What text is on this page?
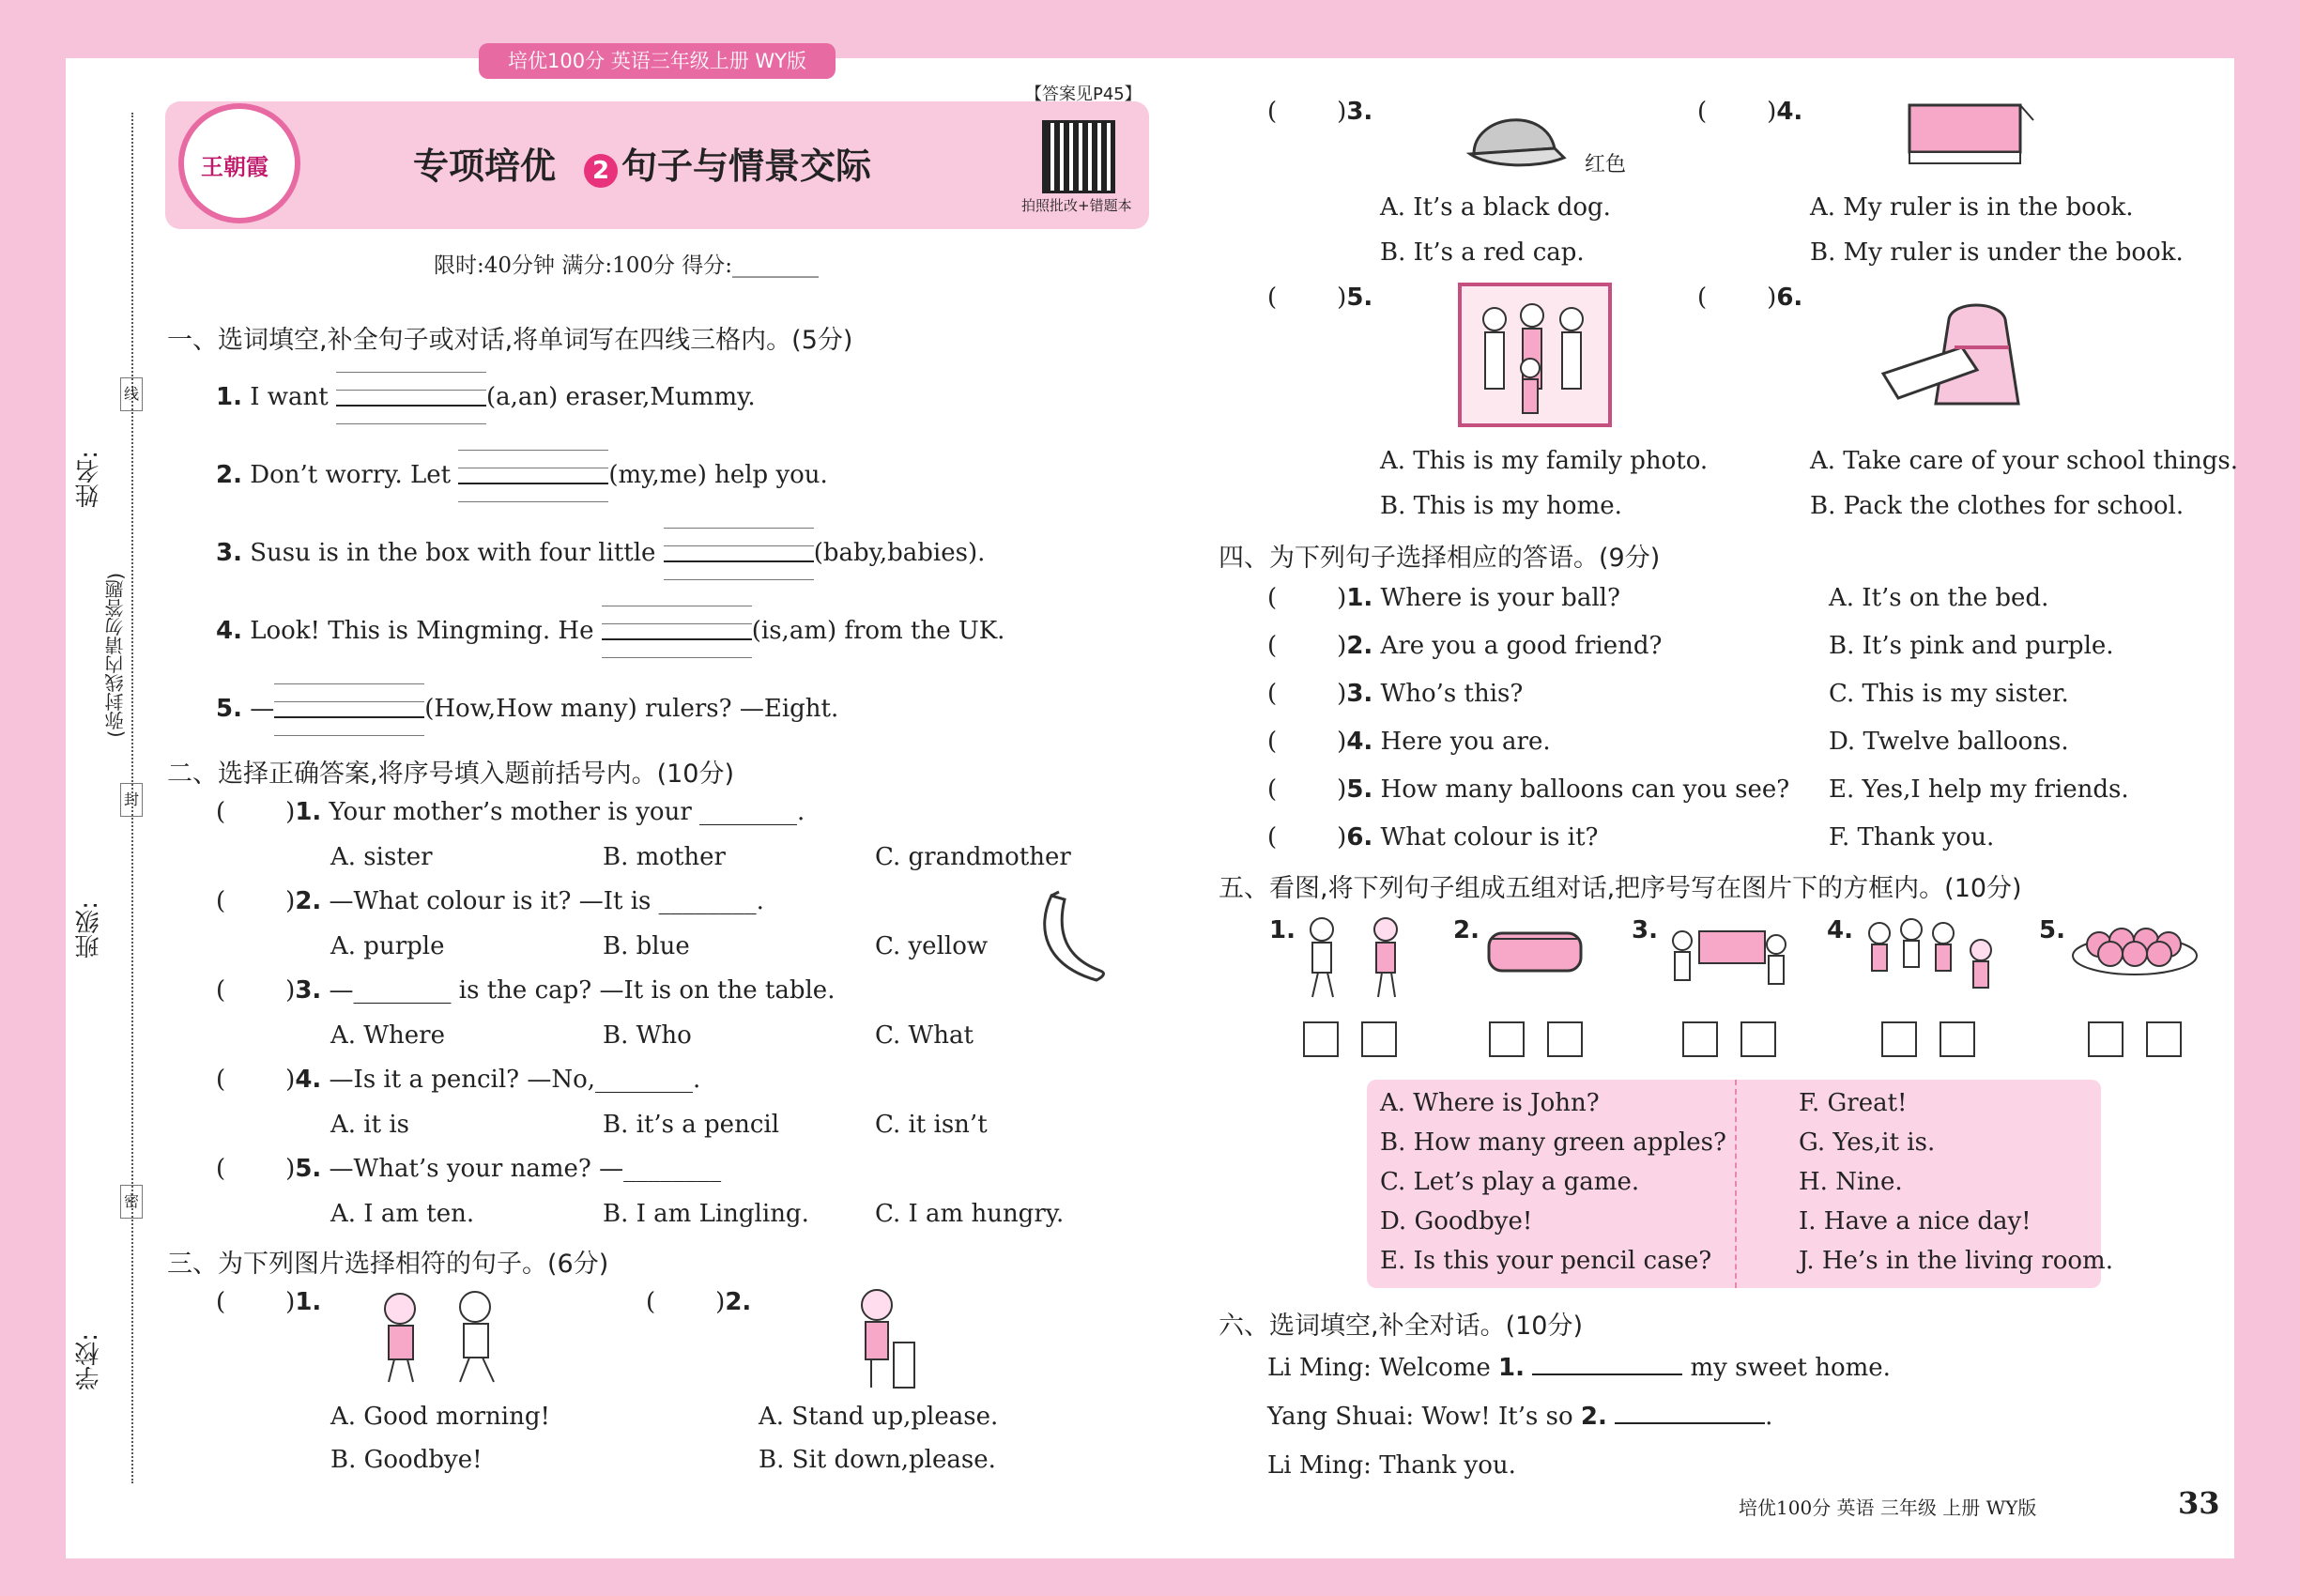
培优100分 英语三年级上册 WY版
王朝霞	专项培优 2 句子与情景交际
【答案见P45】
拍照批改+错题本
限时:40分钟 满分:100分 得分:________
姓名:
班级:
学校:
(弥封线内请勿答题)
线
封
密
一、选词填空,补全句子或对话,将单词写在四线三格内。(5分)
1. I want	(a,an) eraser,Mummy.
2. Don’t worry. Let	(my,me) help you.
3. Susu is in the box with four little	(baby,babies).
4. Look! This is Mingming. He	(is,am) from the UK.
5. —	(How,How many) rulers? —Eight.
二、选择正确答案,将序号填入题前括号内。(10分)
( )1. Your mother’s mother is your ________.
A. sister	B. mother	C. grandmother
( )2. —What colour is it? —It is ________.
A. purple	B. blue	C. yellow
( )3. —________ is the cap? —It is on the table.
A. Where	B. Who	C. What
( )4. —Is it a pencil? —No,________.
A. it is	B. it’s a pencil	C. it isn’t
( )5. —What’s your name? —________
A. I am ten.	B. I am Lingling.	C. I am hungry.
三、为下列图片选择相符的句子。(6分)
( )1.
A. Good morning!
B. Goodbye!
( )2.
A. Stand up,please.
B. Sit down,please.
( )3.
红色
A. It’s a black dog.
B. It’s a red cap.
( )4.
A. My ruler is in the book.
B. My ruler is under the book.
( )5.
A. This is my family photo.
B. This is my home.
( )6.
A. Take care of your school things.
B. Pack the clothes for school.
四、为下列句子选择相应的答语。(9分)
( )1. Where is your ball?
( )2. Are you a good friend?
( )3. Who’s this?
( )4. Here you are.
( )5. How many balloons can you see?
( )6. What colour is it?
A. It’s on the bed.
B. It’s pink and purple.
C. This is my sister.
D. Twelve balloons.
E. Yes,I help my friends.
F. Thank you.
五、看图,将下列句子组成五组对话,把序号写在图片下的方框内。(10分)
1.	2.	3.	4.	5.
A. Where is John?
B. How many green apples?
C. Let’s play a game.
D. Goodbye!
E. Is this your pencil case?
F. Great!
G. Yes,it is.
H. Nine.
I. Have a nice day!
J. He’s in the living room.
六、选词填空,补全对话。(10分)
Li Ming: Welcome 1.	my sweet home.
Yang Shuai: Wow! It’s so 2.	.
Li Ming: Thank you.
培优100分 英语 三年级 上册 WY版	33
